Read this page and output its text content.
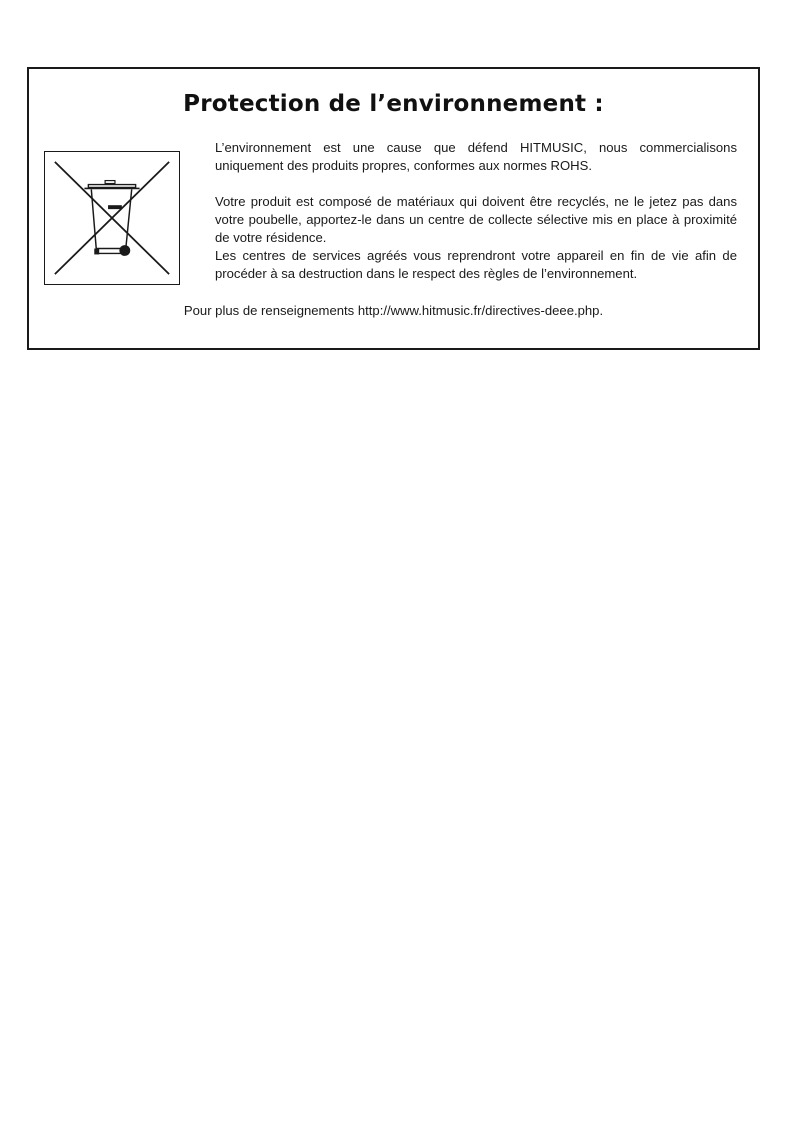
Protection de l’environnement :

L’environnement est une cause que défend HITMUSIC, nous commercialisons uniquement des produits propres, conformes aux normes ROHS.

Votre produit est composé de matériaux qui doivent être recyclés, ne le jetez pas dans votre poubelle, apportez-le dans un centre de collecte sélective mis en place à proximité de votre résidence.

Les centres de services agréés vous reprendront votre appareil en fin de vie afin de procéder à sa destruction dans le respect des règles de l’environnement.

Pour plus de renseignements http://www.hitmusic.fr/directives-deee.php.
